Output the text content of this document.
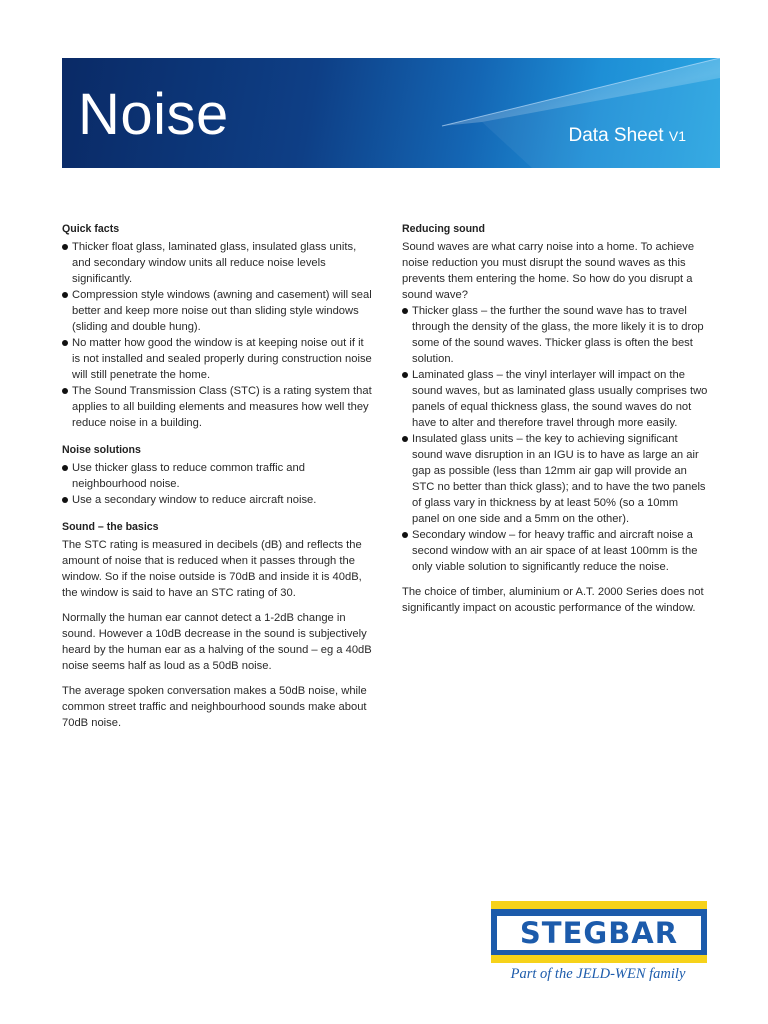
Noise	Data Sheet V1
Quick facts
Thicker float glass, laminated glass, insulated glass units, and secondary window units all reduce noise levels significantly.
Compression style windows (awning and casement) will seal better and keep more noise out than sliding style windows (sliding and double hung).
No matter how good the window is at keeping noise out if it is not installed and sealed properly during construction noise will still penetrate the home.
The Sound Transmission Class (STC) is a rating system that applies to all building elements and measures how well they reduce noise in a building.
Noise solutions
Use thicker glass to reduce common traffic and neighbourhood noise.
Use a secondary window to reduce aircraft noise.
Sound – the basics

The STC rating is measured in decibels (dB) and reflects the amount of noise that is reduced when it passes through the window. So if the noise outside is 70dB and inside it is 40dB, the window is said to have an STC rating of 30.

Normally the human ear cannot detect a 1-2dB change in sound. However a 10dB decrease in the sound is subjectively heard by the human ear as a halving of the sound – eg a 40dB noise seems half as loud as a 50dB noise.

The average spoken conversation makes a 50dB noise, while common street traffic and neighbourhood sounds make about 70dB noise.

Reducing sound

Sound waves are what carry noise into a home. To achieve noise reduction you must disrupt the sound waves as this prevents them entering the home. So how do you disrupt a sound wave?

Thicker glass – the further the sound wave has to travel through the density of the glass, the more likely it is to drop some of the sound waves. Thicker glass is often the best solution.
Laminated glass – the vinyl interlayer will impact on the sound waves, but as laminated glass usually comprises two panels of equal thickness glass, the sound waves do not have to alter and therefore travel through more easily.
Insulated glass units – the key to achieving significant sound wave disruption in an IGU is to have as large an air gap as possible (less than 12mm air gap will provide an STC no better than thick glass); and to have the two panels of glass vary in thickness by at least 50% (so a 10mm panel on one side and a 5mm on the other).
Secondary window – for heavy traffic and aircraft noise a second window with an air space of at least 100mm is the only viable solution to significantly reduce the noise.

The choice of timber, aluminium or A.T. 2000 Series does not significantly impact on acoustic performance of the window.

STEGBAR
Part of the JELD-WEN family
